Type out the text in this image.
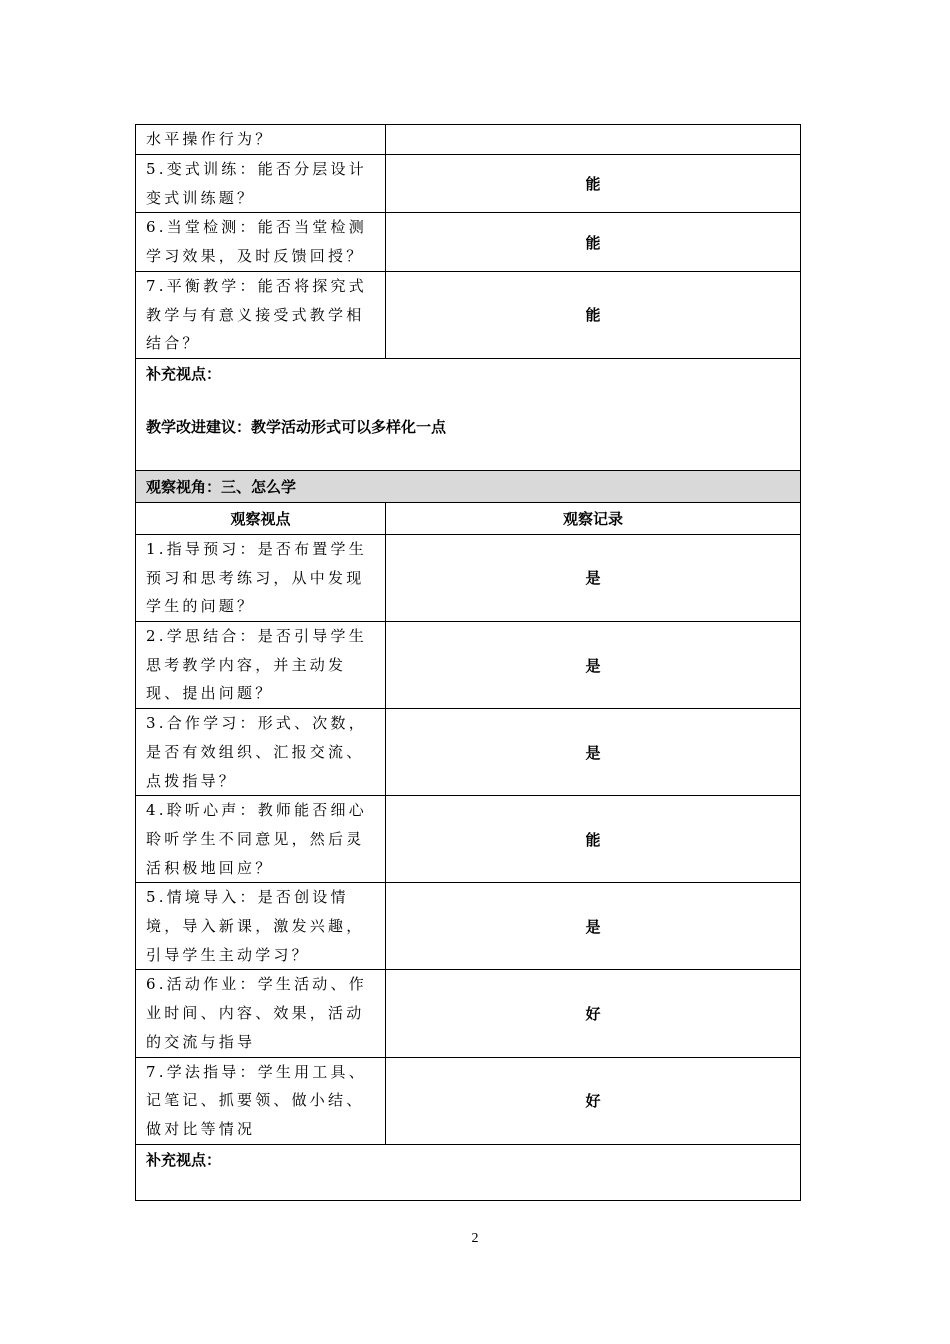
水平操作行为？	
5.变式训练：能否分层设计变式训练题？	能
6.当堂检测：能否当堂检测学习效果，及时反馈回授？	能
7.平衡教学：能否将探究式教学与有意义接受式教学相结合？	能

补充视点：
教学改进建议：教学活动形式可以多样化一点	

观察视角：三、怎么学	
观察视点	观察记录
1.指导预习：是否布置学生预习和思考练习，从中发现学生的问题？	是
2.学思结合：是否引导学生思考教学内容，并主动发现、提出问题？	是
3.合作学习：形式、次数，是否有效组织、汇报交流、点拨指导？	是
4.聆听心声：教师能否细心聆听学生不同意见，然后灵活积极地回应？	能
5.情境导入：是否创设情境，导入新课，激发兴趣，引导学生主动学习？	是
6.活动作业：学生活动、作业时间、内容、效果，活动的交流与指导	好
7.学法指导：学生用工具、记笔记、抓要领、做小结、做对比等情况	好

补充视点：	
2
